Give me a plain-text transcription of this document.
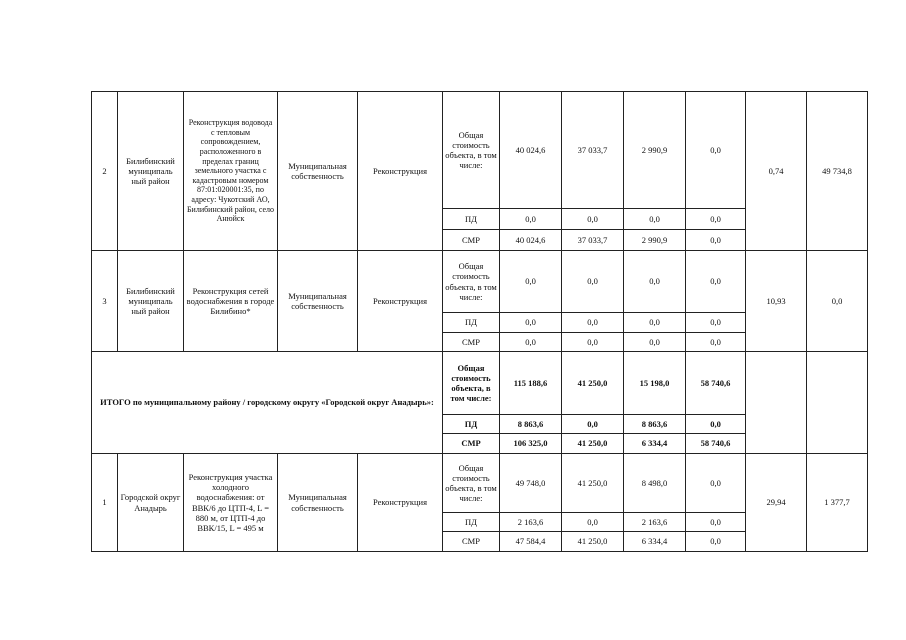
2	Билибинский муниципаль ный район	Реконструкция водовода с тепловым сопровождением, расположенного в пределах границ земельного участка с кадастровым номером 87:01:020001:35, по адресу: Чукотский АО, Билибинский район, село Анюйск	Муниципальная собственность	Реконструкция	Общая стоимость объекта, в том числе:	40 024,6	37 033,7	2 990,9	0,0	0,74	49 734,8
					ПД	0,0	0,0	0,0	0,0		
					СМР	40 024,6	37 033,7	2 990,9	0,0		
3	Билибинский муниципаль ный район	Реконструкция сетей водоснабжения в городе Билибино*	Муниципальная собственность	Реконструкция	Общая стоимость объекта, в том числе:	0,0	0,0	0,0	0,0	10,93	0,0
					ПД	0,0	0,0	0,0	0,0		
					СМР	0,0	0,0	0,0	0,0		
ИТОГО по муниципальному району / городскому округу «Городской округ Анадырь»:					Общая стоимость объекта, в том числе:	115 188,6	41 250,0	15 198,0	58 740,6		
					ПД	8 863,6	0,0	8 863,6	0,0		
					СМР	106 325,0	41 250,0	6 334,4	58 740,6		
1	Городской округ Анадырь	Реконструкция участка холодного водоснабжения: от ВВК/6 до ЦТП-4, L = 880 м, от ЦТП-4 до ВВК/15, L = 495 м	Муниципальная собственность	Реконструкция	Общая стоимость объекта, в том числе:	49 748,0	41 250,0	8 498,0	0,0	29,94	1 377,7
					ПД	2 163,6	0,0	2 163,6	0,0		
					СМР	47 584,4	41 250,0	6 334,4	0,0		
